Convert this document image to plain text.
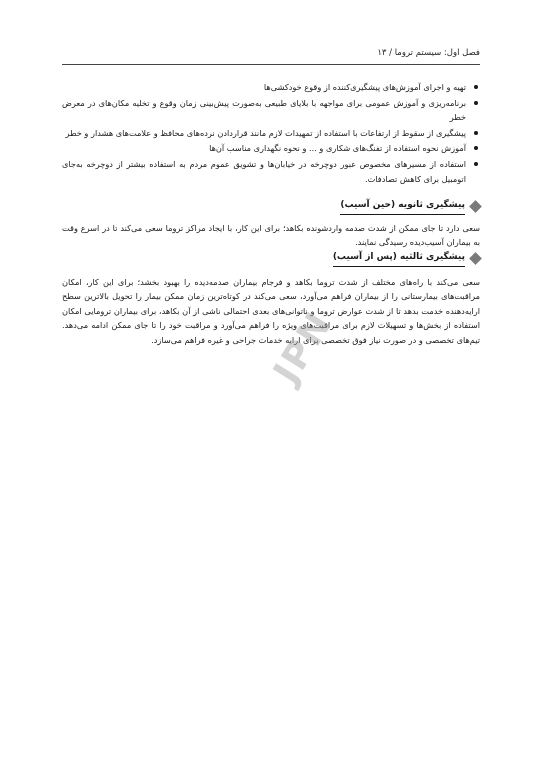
فصل اول: سیستم تروما / ۱۳
تهیه و اجرای آموزش‌های پیشگیری‌کننده از وقوع خودکشی‌ها
برنامه‌ریزی و آموزش عمومی برای مواجهه با بلایای طبیعی به‌صورت پیش‌بینی زمان وقوع و تخلیه مکان‌های در معرض خطر
پیشگیری از سقوط از ارتفاعات با استفاده از تمهیدات لازم مانند قراردادن نرده‌های محافظ و علامت‌های هشدار و خطر
آموزش نحوه استفاده از تفنگ‌های شکاری و ... و نحوه نگهداری مناسب آن‌ها
استفاده از مسیرهای مخصوص عبور دوچرخه در خیابان‌ها و تشویق عموم مردم به استفاده بیشتر از دوچرخه به‌جای اتومبیل برای کاهش تصادفات.
پیشگیری ثانویه (حین آسیب)

سعی دارد تا جای ممکن از شدت صدمه واردشونده بکاهد؛ برای این کار، با ایجاد مراکز تروما سعی می‌کند تا در اسرع وقت به بیماران آسیب‌دیده رسیدگی نمایند.

پیشگیری ثالثیه (پس از آسیب)

سعی می‌کند با راه‌های مختلف از شدت تروما بکاهد و فرجام بیماران صدمه‌دیده را بهبود بخشد؛ برای این کار، امکان مراقبت‌های بیمارستانی را از بیماران فراهم می‌آورد، سعی می‌کند در کوتاه‌ترین زمان ممکن بیمار را تحویل بالاترین سطح ارایه‌دهنده خدمت بدهد تا از شدت عوارض تروما و ناتوانی‌های بعدی احتمالی ناشی از آن بکاهد، برای بیماران ترومایی امکان استفاده از بخش‌ها و تسهیلات لازم برای مراقبت‌های ویژه را فراهم می‌آورد و مراقبت خود را تا جای ممکن ادامه می‌دهد. تیم‌های تخصصی و در صورت نیاز فوق تخصصی برای ارایه خدمات جراحی و غیره فراهم می‌سازد.

JPN
